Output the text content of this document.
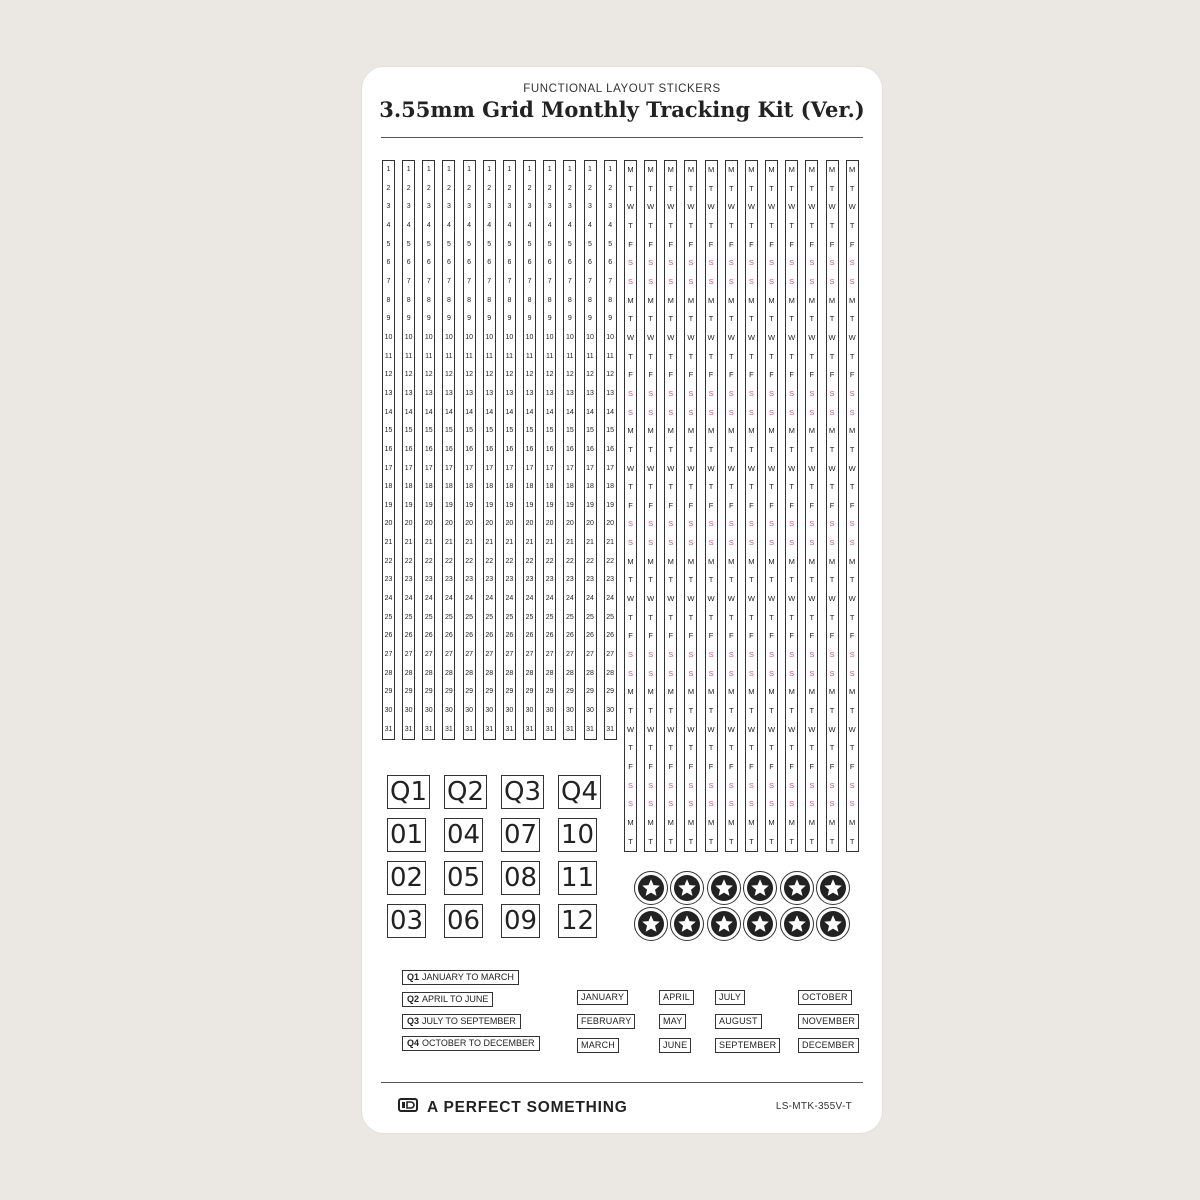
FUNCTIONAL LAYOUT STICKERS
3.55mm Grid Monthly Tracking Kit (Ver.)
1
2
3
4
5
6
7
8
9
10
11
12
13
14
15
16
17
18
19
20
21
22
23
24
25
26
27
28
29
30
31
1
2
3
4
5
6
7
8
9
10
11
12
13
14
15
16
17
18
19
20
21
22
23
24
25
26
27
28
29
30
31
1
2
3
4
5
6
7
8
9
10
11
12
13
14
15
16
17
18
19
20
21
22
23
24
25
26
27
28
29
30
31
1
2
3
4
5
6
7
8
9
10
11
12
13
14
15
16
17
18
19
20
21
22
23
24
25
26
27
28
29
30
31
1
2
3
4
5
6
7
8
9
10
11
12
13
14
15
16
17
18
19
20
21
22
23
24
25
26
27
28
29
30
31
1
2
3
4
5
6
7
8
9
10
11
12
13
14
15
16
17
18
19
20
21
22
23
24
25
26
27
28
29
30
31
1
2
3
4
5
6
7
8
9
10
11
12
13
14
15
16
17
18
19
20
21
22
23
24
25
26
27
28
29
30
31
1
2
3
4
5
6
7
8
9
10
11
12
13
14
15
16
17
18
19
20
21
22
23
24
25
26
27
28
29
30
31
1
2
3
4
5
6
7
8
9
10
11
12
13
14
15
16
17
18
19
20
21
22
23
24
25
26
27
28
29
30
31
1
2
3
4
5
6
7
8
9
10
11
12
13
14
15
16
17
18
19
20
21
22
23
24
25
26
27
28
29
30
31
1
2
3
4
5
6
7
8
9
10
11
12
13
14
15
16
17
18
19
20
21
22
23
24
25
26
27
28
29
30
31
1
2
3
4
5
6
7
8
9
10
11
12
13
14
15
16
17
18
19
20
21
22
23
24
25
26
27
28
29
30
31
M
T
W
T
F
S
S
M
T
W
T
F
S
S
M
T
W
T
F
S
S
M
T
W
T
F
S
S
M
T
W
T
F
S
S
M
T
M
T
W
T
F
S
S
M
T
W
T
F
S
S
M
T
W
T
F
S
S
M
T
W
T
F
S
S
M
T
W
T
F
S
S
M
T
M
T
W
T
F
S
S
M
T
W
T
F
S
S
M
T
W
T
F
S
S
M
T
W
T
F
S
S
M
T
W
T
F
S
S
M
T
M
T
W
T
F
S
S
M
T
W
T
F
S
S
M
T
W
T
F
S
S
M
T
W
T
F
S
S
M
T
W
T
F
S
S
M
T
M
T
W
T
F
S
S
M
T
W
T
F
S
S
M
T
W
T
F
S
S
M
T
W
T
F
S
S
M
T
W
T
F
S
S
M
T
M
T
W
T
F
S
S
M
T
W
T
F
S
S
M
T
W
T
F
S
S
M
T
W
T
F
S
S
M
T
W
T
F
S
S
M
T
M
T
W
T
F
S
S
M
T
W
T
F
S
S
M
T
W
T
F
S
S
M
T
W
T
F
S
S
M
T
W
T
F
S
S
M
T
M
T
W
T
F
S
S
M
T
W
T
F
S
S
M
T
W
T
F
S
S
M
T
W
T
F
S
S
M
T
W
T
F
S
S
M
T
M
T
W
T
F
S
S
M
T
W
T
F
S
S
M
T
W
T
F
S
S
M
T
W
T
F
S
S
M
T
W
T
F
S
S
M
T
M
T
W
T
F
S
S
M
T
W
T
F
S
S
M
T
W
T
F
S
S
M
T
W
T
F
S
S
M
T
W
T
F
S
S
M
T
M
T
W
T
F
S
S
M
T
W
T
F
S
S
M
T
W
T
F
S
S
M
T
W
T
F
S
S
M
T
W
T
F
S
S
M
T
M
T
W
T
F
S
S
M
T
W
T
F
S
S
M
T
W
T
F
S
S
M
T
W
T
F
S
S
M
T
W
T
F
S
S
M
T
Q1 Q2 Q3 Q4
01 04 07 10
02 05 08 11
03 06 09 12
Q1 JANUARY TO MARCH
Q2 APRIL TO JUNE
Q3 JULY TO SEPTEMBER
Q4 OCTOBER TO DECEMBER
JANUARY
FEBRUARY
MARCH
APRIL
MAY
JUNE
JULY
AUGUST
SEPTEMBER
OCTOBER
NOVEMBER
DECEMBER
A PERFECT SOMETHING	LS-MTK-355V-T
